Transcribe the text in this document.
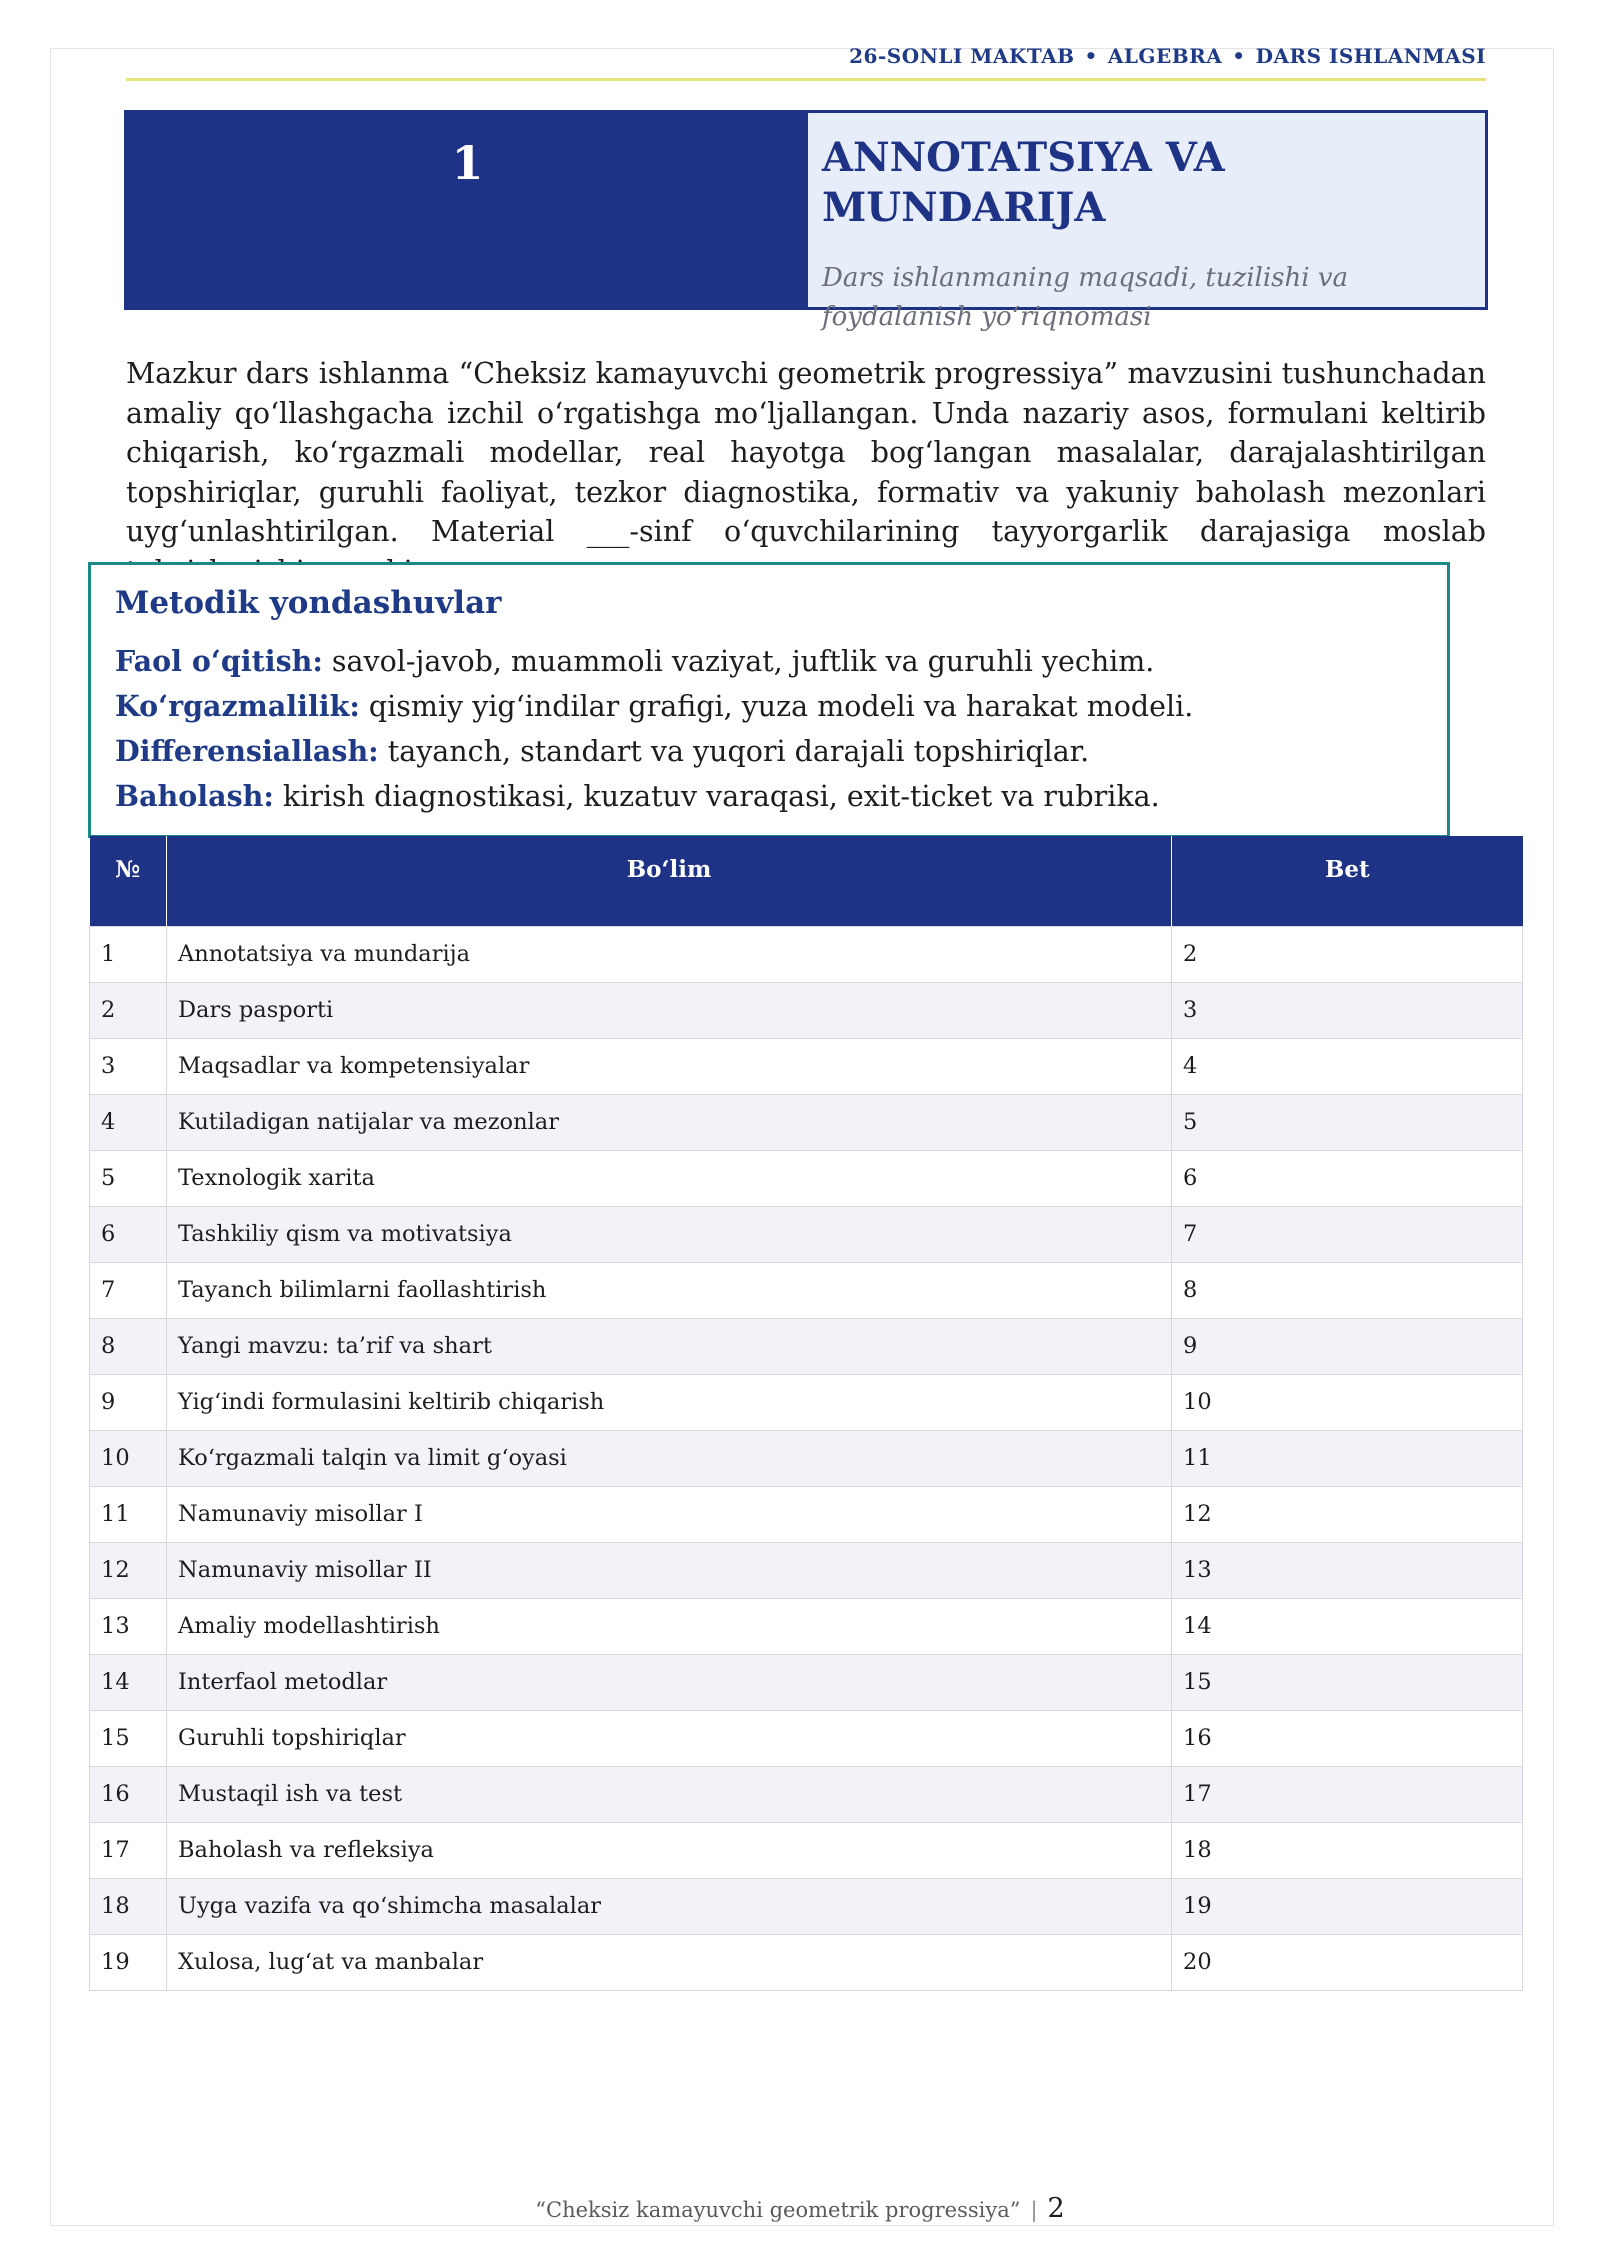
26-SONLI MAKTAB • ALGEBRA • DARS ISHLANMASI
1	ANNOTATSIYA VA MUNDARIJA
Dars ishlanmaning maqsadi, tuzilishi va foydalanish yo‘riqnomasi

Mazkur dars ishlanma “Cheksiz kamayuvchi geometrik progressiya” mavzusini tushunchadan amaliy qo‘llashgacha izchil o‘rgatishga mo‘ljallangan. Unda nazariy asos, formulani keltirib chiqarish, ko‘rgazmali modellar, real hayotga bog‘langan masalalar, darajalashtirilgan topshiriqlar, guruhli faoliyat, tezkor diagnostika, formativ va yakuniy baholash mezonlari uyg‘unlashtirilgan. Material ___-sinf o‘quvchilarining tayyorgarlik darajasiga moslab

Metodik yondashuvlar
Faol o‘qitish: savol-javob, muammoli vaziyat, juftlik va guruhli yechim.
Ko‘rgazmalilik: qismiy yig‘indilar grafigi, yuza modeli va harakat modeli.
Differensiallash: tayanch, standart va yuqori darajali topshiriqlar.
Baholash: kirish diagnostikasi, kuzatuv varaqasi, exit-ticket va rubrika.
№	Bo‘lim	Bet
1	Annotatsiya va mundarija	2
2	Dars pasporti	3
3	Maqsadlar va kompetensiyalar	4
4	Kutiladigan natijalar va mezonlar	5
5	Texnologik xarita	6
6	Tashkiliy qism va motivatsiya	7
7	Tayanch bilimlarni faollashtirish	8
8	Yangi mavzu: ta’rif va shart	9
9	Yig‘indi formulasini keltirib chiqarish	10
10	Ko‘rgazmali talqin va limit g‘oyasi	11
11	Namunaviy misollar I	12
12	Namunaviy misollar II	13
13	Amaliy modellashtirish	14
14	Interfaol metodlar	15
15	Guruhli topshiriqlar	16
16	Mustaqil ish va test	17
17	Baholash va refleksiya	18
18	Uyga vazifa va qo‘shimcha masalalar	19
19	Xulosa, lug‘at va manbalar	20
“Cheksiz kamayuvchi geometrik progressiya” | 2
